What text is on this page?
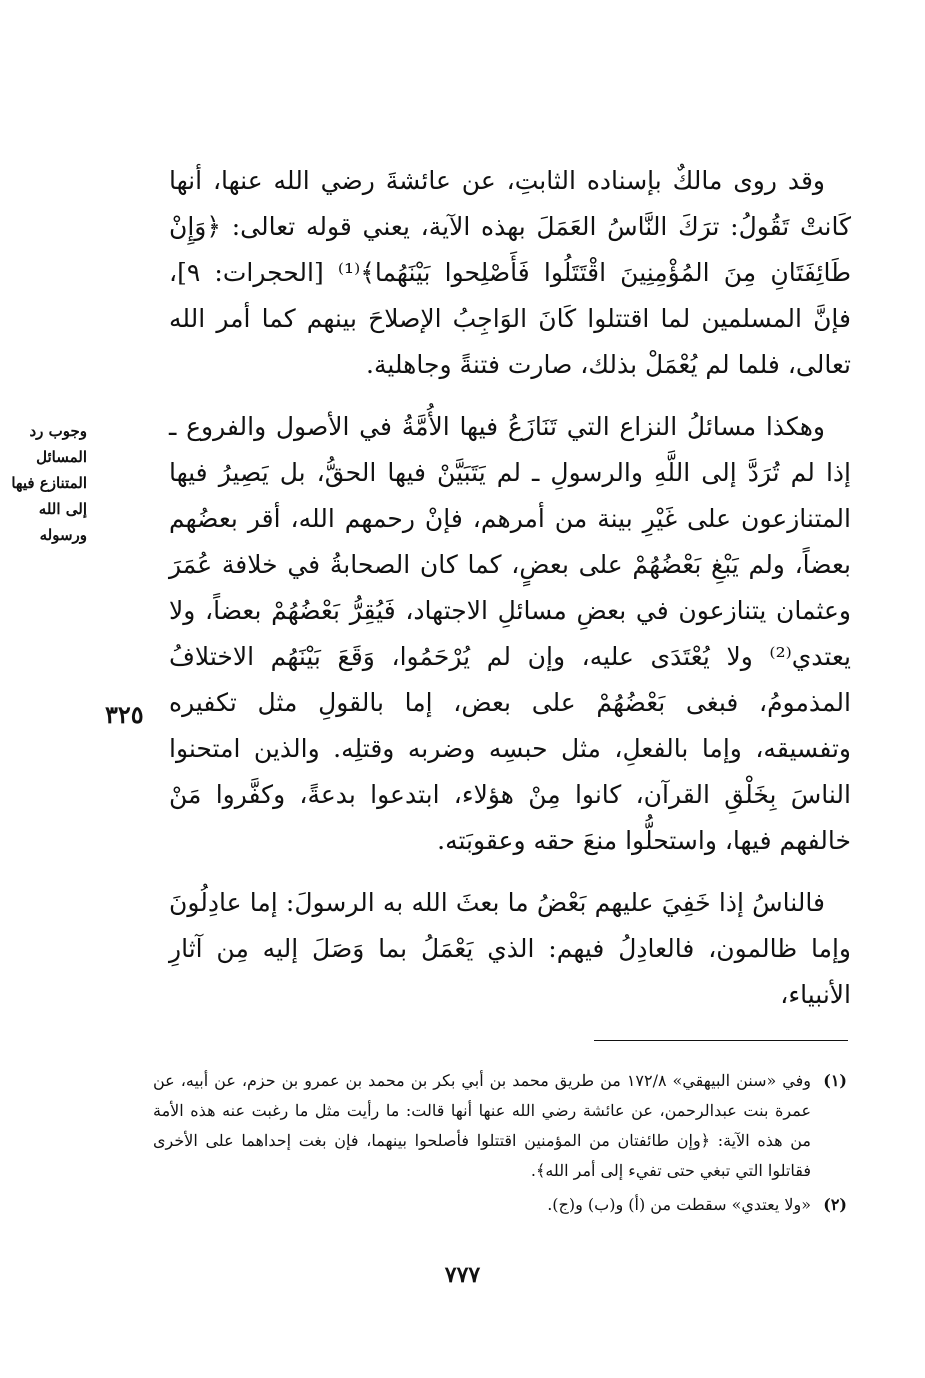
وقد روى مالكٌ بإسناده الثابتِ، عن عائشةَ رضي الله عنها، أنها كَانتْ تَقُولُ: ترَكَ النَّاسُ العَمَلَ بهذه الآية، يعني قوله تعالى: ﴿وَإِنْ طَائِفَتَانِ مِنَ المُؤْمِنِينَ اقْتَتَلُوا فَأَصْلِحوا بَيْنَهُما﴾⁽¹⁾ [الحجرات: ٩]، فإنَّ المسلمين لما اقتتلوا كَانَ الوَاجِبُ الإصلاحَ بينهم كما أمر الله تعالى، فلما لم يُعْمَلْ بذلك، صارت فتنةً وجاهلية.

وهكذا مسائلُ النزاع التي تَنَازَعُ فيها الأُمَّةُ في الأصول والفروع ـ إذا لم تُرَدَّ إلى اللَّهِ والرسولِ ـ لم يَتَبَيَّنْ فيها الحقُّ، بل يَصِيرُ فيها المتنازعون على غَيْرِ بينة من أمرهم، فإنْ رحمهم الله، أقر بعضُهم بعضاً، ولم يَبْغِ بَعْضُهُمْ على بعضٍ، كما كان الصحابةُ في خلافة عُمَرَ وعثمان يتنازعون في بعضِ مسائلِ الاجتهاد، فَيُقِرُّ بَعْضُهُمْ بعضاً، ولا يعتدي⁽²⁾ ولا يُعْتَدَى عليه، وإن لم يُرْحَمُوا، وَقَعَ بَيْنَهُم الاختلافُ المذمومُ، فبغى بَعْضُهُمْ على بعض، إما بالقولِ مثل تكفيره وتفسيقه، وإما بالفعلِ، مثل حبسِه وضربه وقتلِه. والذين امتحنوا الناسَ بِخَلْقِ القرآن، كانوا مِنْ هؤلاء، ابتدعوا بدعةً، وكفَّروا مَنْ خالفهم فيها، واستحلُّوا منعَ حقه وعقوبَته.

فالناسُ إذا خَفِيَ عليهم بَعْضُ ما بعثَ الله به الرسولَ: إما عادِلُونَ وإما ظالمون، فالعادِلُ فيهم: الذي يَعْمَلُ بما وَصَلَ إليه مِن آثارِ الأنبياء،

وجوب رد المسائل المتنازع فيها إلى الله ورسوله
٣٢٥
(١)
وفي «سنن البيهقي» ١٧٢/٨ من طريق محمد بن أبي بكر بن محمد بن عمرو بن حزم، عن أبيه، عن عمرة بنت عبدالرحمن، عن عائشة رضي الله عنها أنها قالت: ما رأيت مثل ما رغبت عنه هذه الأمة من هذه الآية: ﴿وإن طائفتان من المؤمنين اقتتلوا فأصلحوا بينهما، فإن بغت إحداهما على الأخرى فقاتلوا التي تبغي حتى تفيء إلى أمر الله﴾.
(٢)
«ولا يعتدي» سقطت من (أ) و(ب) و(ج).
٧٧٧
